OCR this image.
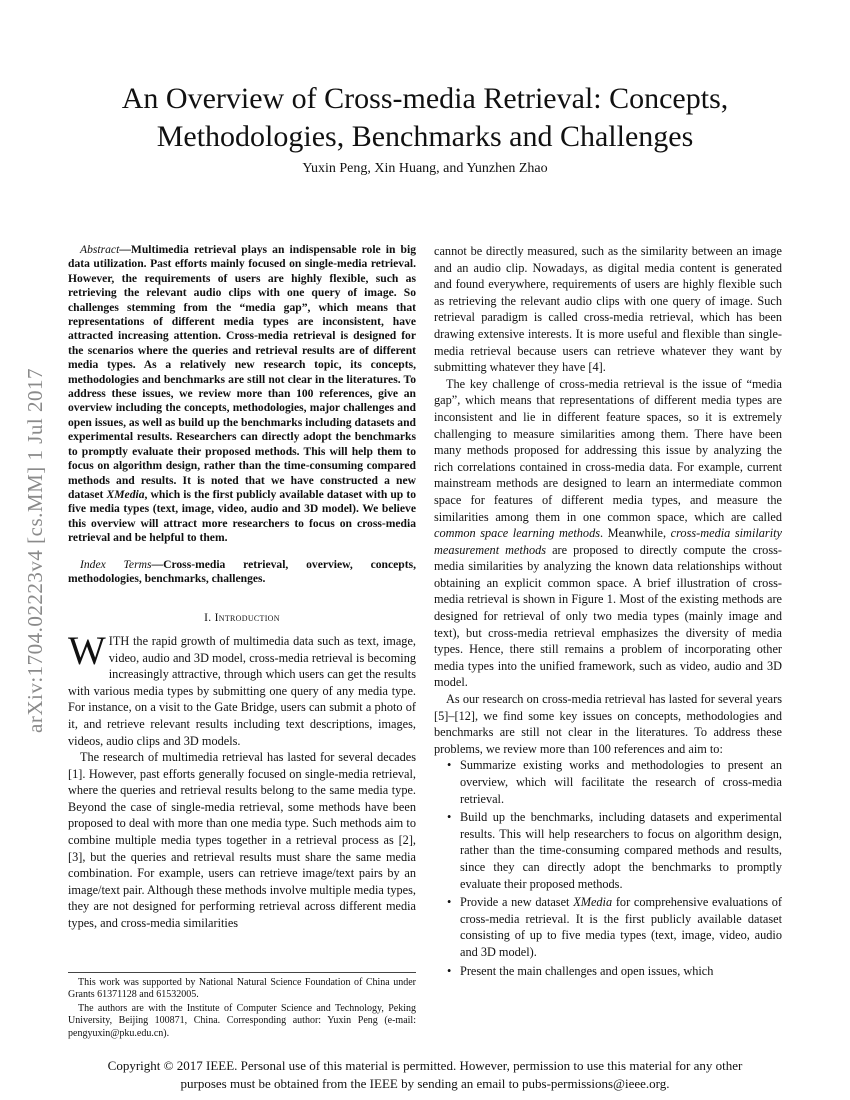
arXiv:1704.02223v4 [cs.MM] 1 Jul 2017
An Overview of Cross-media Retrieval: Concepts,
Methodologies, Benchmarks and Challenges

Yuxin Peng, Xin Huang, and Yunzhen Zhao

Abstract—Multimedia retrieval plays an indispensable role in big data utilization. Past efforts mainly focused on single-media retrieval. However, the requirements of users are highly flexible, such as retrieving the relevant audio clips with one query of image. So challenges stemming from the “media gap”, which means that representations of different media types are inconsistent, have attracted increasing attention. Cross-media retrieval is designed for the scenarios where the queries and retrieval results are of different media types. As a relatively new research topic, its concepts, methodologies and benchmarks are still not clear in the literatures. To address these issues, we review more than 100 references, give an overview including the concepts, methodologies, major challenges and open issues, as well as build up the benchmarks including datasets and experimental results. Researchers can directly adopt the benchmarks to promptly evaluate their proposed methods. This will help them to focus on algorithm design, rather than the time-consuming compared methods and results. It is noted that we have constructed a new dataset XMedia, which is the first publicly available dataset with up to five media types (text, image, video, audio and 3D model). We believe this overview will attract more researchers to focus on cross-media retrieval and be helpful to them.

Index Terms—Cross-media retrieval, overview, concepts, methodologies, benchmarks, challenges.

I. Introduction

WITH the rapid growth of multimedia data such as text, image, video, audio and 3D model, cross-media retrieval is becoming increasingly attractive, through which users can get the results with various media types by submitting one query of any media type. For instance, on a visit to the Gate Bridge, users can submit a photo of it, and retrieve relevant results including text descriptions, images, videos, audio clips and 3D models.

The research of multimedia retrieval has lasted for several decades [1]. However, past efforts generally focused on single-media retrieval, where the queries and retrieval results belong to the same media type. Beyond the case of single-media retrieval, some methods have been proposed to deal with more than one media type. Such methods aim to combine multiple media types together in a retrieval process as [2], [3], but the queries and retrieval results must share the same media combination. For example, users can retrieve image/text pairs by an image/text pair. Although these methods involve multiple media types, they are not designed for performing retrieval across different media types, and cross-media similarities

This work was supported by National Natural Science Foundation of China under Grants 61371128 and 61532005.

The authors are with the Institute of Computer Science and Technology, Peking University, Beijing 100871, China. Corresponding author: Yuxin Peng (e-mail: pengyuxin@pku.edu.cn).

cannot be directly measured, such as the similarity between an image and an audio clip. Nowadays, as digital media content is generated and found everywhere, requirements of users are highly flexible such as retrieving the relevant audio clips with one query of image. Such retrieval paradigm is called cross-media retrieval, which has been drawing extensive interests. It is more useful and flexible than single-media retrieval because users can retrieve whatever they want by submitting whatever they have [4].

The key challenge of cross-media retrieval is the issue of “media gap”, which means that representations of different media types are inconsistent and lie in different feature spaces, so it is extremely challenging to measure similarities among them. There have been many methods proposed for addressing this issue by analyzing the rich correlations contained in cross-media data. For example, current mainstream methods are designed to learn an intermediate common space for features of different media types, and measure the similarities among them in one common space, which are called common space learning methods. Meanwhile, cross-media similarity measurement methods are proposed to directly compute the cross-media similarities by analyzing the known data relationships without obtaining an explicit common space. A brief illustration of cross-media retrieval is shown in Figure 1. Most of the existing methods are designed for retrieval of only two media types (mainly image and text), but cross-media retrieval emphasizes the diversity of media types. Hence, there still remains a problem of incorporating other media types into the unified framework, such as video, audio and 3D model.

As our research on cross-media retrieval has lasted for several years [5]–[12], we find some key issues on concepts, methodologies and benchmarks are still not clear in the literatures. To address these problems, we review more than 100 references and aim to:

• Summarize existing works and methodologies to present an overview, which will facilitate the research of cross-media retrieval.
• Build up the benchmarks, including datasets and experimental results. This will help researchers to focus on algorithm design, rather than the time-consuming compared methods and results, since they can directly adopt the benchmarks to promptly evaluate their proposed methods.
• Provide a new dataset XMedia for comprehensive evaluations of cross-media retrieval. It is the first publicly available dataset consisting of up to five media types (text, image, video, audio and 3D model).
• Present the main challenges and open issues, which

Copyright © 2017 IEEE. Personal use of this material is permitted. However, permission to use this material for any other
purposes must be obtained from the IEEE by sending an email to pubs-permissions@ieee.org.
